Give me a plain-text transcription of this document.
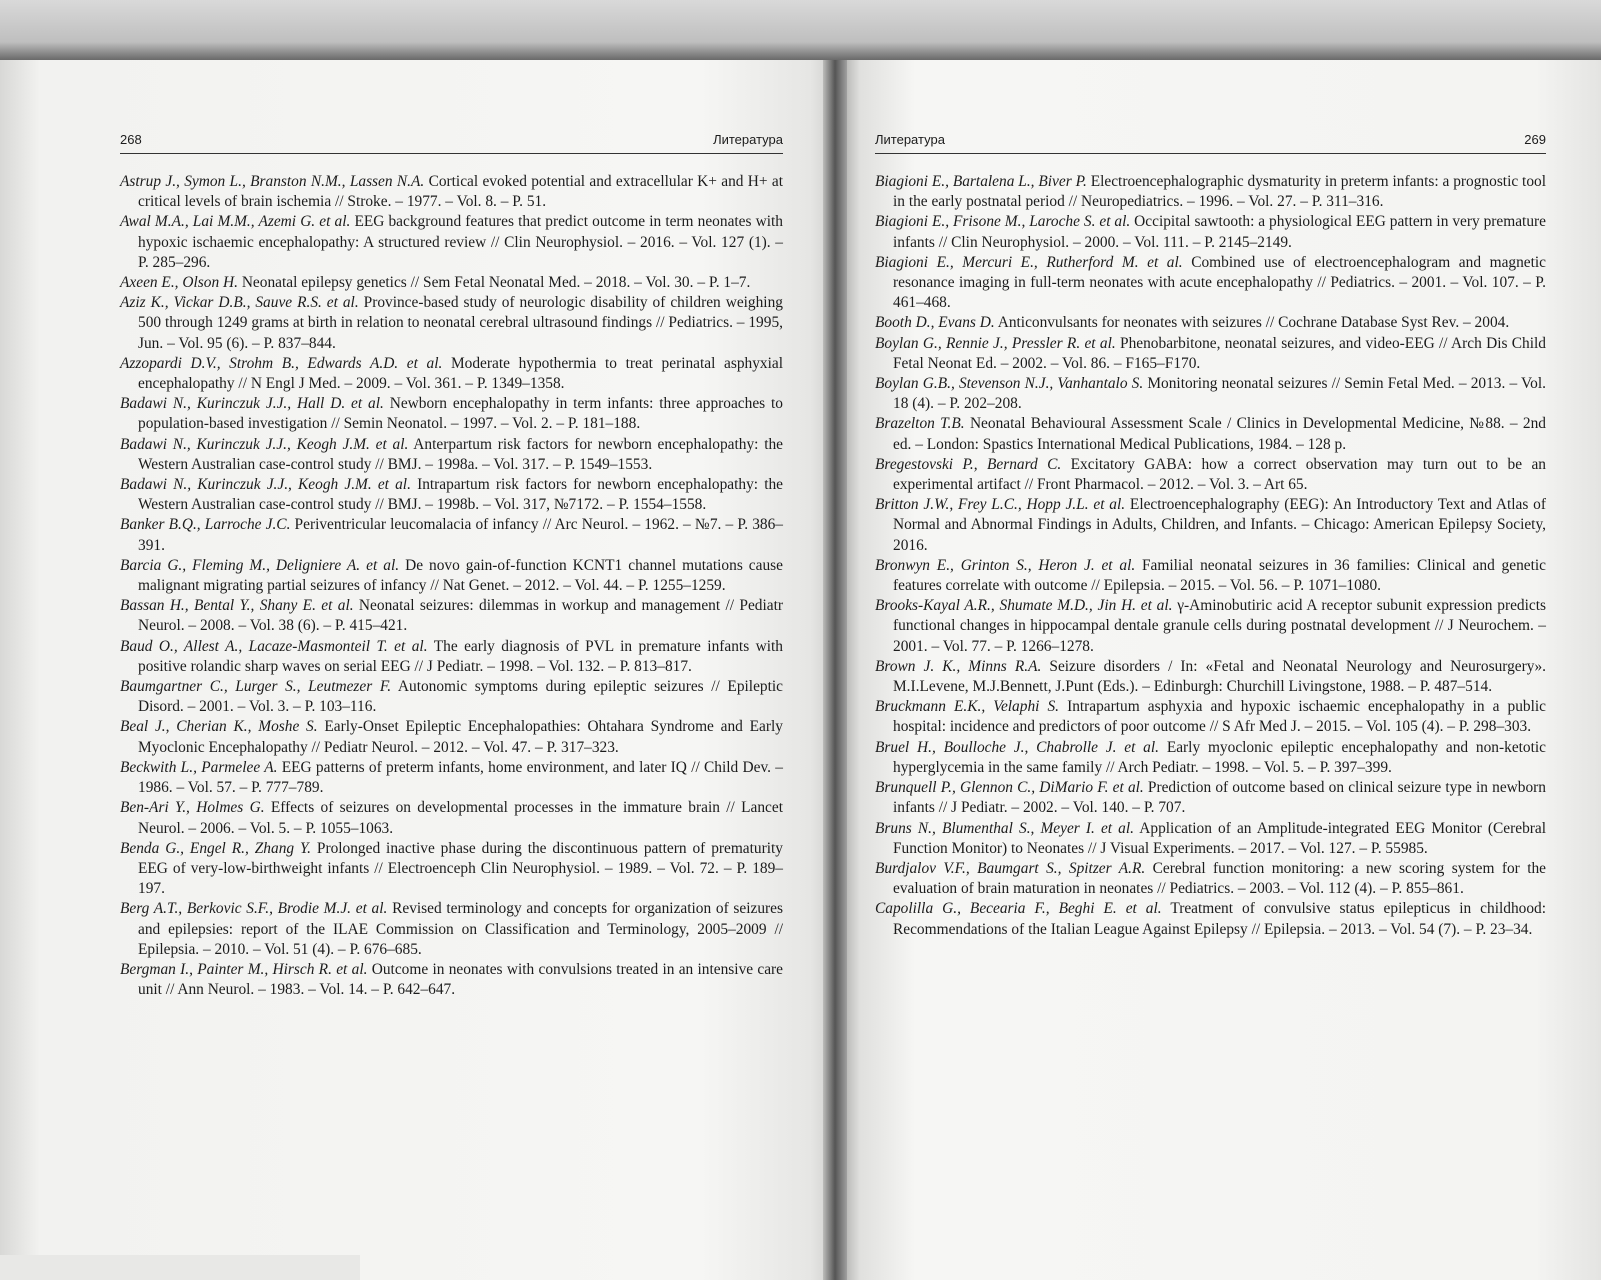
268	Литература
Astrup J., Symon L., Branston N.M., Lassen N.A. Cortical evoked potential and extracellular K+ and H+ at critical levels of brain ischemia // Stroke. – 1977. – Vol. 8. – P. 51.
Awal M.A., Lai M.M., Azemi G. et al. EEG background features that predict outcome in term neonates with hypoxic ischaemic encephalopathy: A structured review // Clin Neurophysiol. – 2016. – Vol. 127 (1). – P. 285–296.
Axeen E., Olson H. Neonatal epilepsy genetics // Sem Fetal Neonatal Med. – 2018. – Vol. 30. – P. 1–7.
Aziz K., Vickar D.B., Sauve R.S. et al. Province-based study of neurologic disability of children weighing 500 through 1249 grams at birth in relation to neonatal cerebral ultrasound findings // Pediatrics. – 1995, Jun. – Vol. 95 (6). – P. 837–844.
Azzopardi D.V., Strohm B., Edwards A.D. et al. Moderate hypothermia to treat perinatal asphyxial encephalopathy // N Engl J Med. – 2009. – Vol. 361. – P. 1349–1358.
Badawi N., Kurinczuk J.J., Hall D. et al. Newborn encephalopathy in term infants: three approaches to population-based investigation // Semin Neonatol. – 1997. – Vol. 2. – P. 181–188.
Badawi N., Kurinczuk J.J., Keogh J.M. et al. Anterpartum risk factors for newborn encephalopathy: the Western Australian case-control study // BMJ. – 1998a. – Vol. 317. – P. 1549–1553.
Badawi N., Kurinczuk J.J., Keogh J.M. et al. Intrapartum risk factors for newborn encephalopathy: the Western Australian case-control study // BMJ. – 1998b. – Vol. 317, №7172. – P. 1554–1558.
Banker B.Q., Larroche J.C. Periventricular leucomalacia of infancy // Arc Neurol. – 1962. – №7. – P. 386–391.
Barcia G., Fleming M., Deligniere A. et al. De novo gain-of-function KCNT1 channel mutations cause malignant migrating partial seizures of infancy // Nat Genet. – 2012. – Vol. 44. – P. 1255–1259.
Bassan H., Bental Y., Shany E. et al. Neonatal seizures: dilemmas in workup and management // Pediatr Neurol. – 2008. – Vol. 38 (6). – P. 415–421.
Baud O., Allest A., Lacaze-Masmonteil T. et al. The early diagnosis of PVL in premature infants with positive rolandic sharp waves on serial EEG // J Pediatr. – 1998. – Vol. 132. – P. 813–817.
Baumgartner C., Lurger S., Leutmezer F. Autonomic symptoms during epileptic seizures // Epileptic Disord. – 2001. – Vol. 3. – P. 103–116.
Beal J., Cherian K., Moshe S. Early-Onset Epileptic Encephalopathies: Ohtahara Syndrome and Early Myoclonic Encephalopathy // Pediatr Neurol. – 2012. – Vol. 47. – P. 317–323.
Beckwith L., Parmelee A. EEG patterns of preterm infants, home environment, and later IQ // Child Dev. – 1986. – Vol. 57. – P. 777–789.
Ben-Ari Y., Holmes G. Effects of seizures on developmental processes in the immature brain // Lancet Neurol. – 2006. – Vol. 5. – P. 1055–1063.
Benda G., Engel R., Zhang Y. Prolonged inactive phase during the discontinuous pattern of prematurity EEG of very-low-birthweight infants // Electroenceph Clin Neurophysiol. – 1989. – Vol. 72. – P. 189–197.
Berg A.T., Berkovic S.F., Brodie M.J. et al. Revised terminology and concepts for organization of seizures and epilepsies: report of the ILAE Commission on Classification and Terminology, 2005–2009 // Epilepsia. – 2010. – Vol. 51 (4). – P. 676–685.
Bergman I., Painter M., Hirsch R. et al. Outcome in neonates with convulsions treated in an intensive care unit // Ann Neurol. – 1983. – Vol. 14. – P. 642–647.
Литература	269
Biagioni E., Bartalena L., Biver P. Electroencephalographic dysmaturity in preterm infants: a prognostic tool in the early postnatal period // Neuropediatrics. – 1996. – Vol. 27. – P. 311–316.
Biagioni E., Frisone M., Laroche S. et al. Occipital sawtooth: a physiological EEG pattern in very premature infants // Clin Neurophysiol. – 2000. – Vol. 111. – P. 2145–2149.
Biagioni E., Mercuri E., Rutherford M. et al. Combined use of electroencephalogram and magnetic resonance imaging in full-term neonates with acute encephalopathy // Pediatrics. – 2001. – Vol. 107. – P. 461–468.
Booth D., Evans D. Anticonvulsants for neonates with seizures // Cochrane Database Syst Rev. – 2004.
Boylan G., Rennie J., Pressler R. et al. Phenobarbitone, neonatal seizures, and video-EEG // Arch Dis Child Fetal Neonat Ed. – 2002. – Vol. 86. – F165–F170.
Boylan G.B., Stevenson N.J., Vanhantalo S. Monitoring neonatal seizures // Semin Fetal Med. – 2013. – Vol. 18 (4). – P. 202–208.
Brazelton T.B. Neonatal Behavioural Assessment Scale / Clinics in Developmental Medicine, №88. – 2nd ed. – London: Spastics International Medical Publications, 1984. – 128 p.
Bregestovski P., Bernard C. Excitatory GABA: how a correct observation may turn out to be an experimental artifact // Front Pharmacol. – 2012. – Vol. 3. – Art 65.
Britton J.W., Frey L.C., Hopp J.L. et al. Electroencephalography (EEG): An Introductory Text and Atlas of Normal and Abnormal Findings in Adults, Children, and Infants. – Chicago: American Epilepsy Society, 2016.
Bronwyn E., Grinton S., Heron J. et al. Familial neonatal seizures in 36 families: Clinical and genetic features correlate with outcome // Epilepsia. – 2015. – Vol. 56. – P. 1071–1080.
Brooks-Kayal A.R., Shumate M.D., Jin H. et al. γ-Aminobutiric acid A receptor subunit expression predicts functional changes in hippocampal dentale granule cells during postnatal development // J Neurochem. – 2001. – Vol. 77. – P. 1266–1278.
Brown J. K., Minns R.A. Seizure disorders / In: «Fetal and Neonatal Neurology and Neurosurgery». M.I.Levene, M.J.Bennett, J.Punt (Eds.). – Edinburgh: Churchill Livingstone, 1988. – P. 487–514.
Bruckmann E.K., Velaphi S. Intrapartum asphyxia and hypoxic ischaemic encephalopathy in a public hospital: incidence and predictors of poor outcome // S Afr Med J. – 2015. – Vol. 105 (4). – P. 298–303.
Bruel H., Boulloche J., Chabrolle J. et al. Early myoclonic epileptic encephalopathy and non-ketotic hyperglycemia in the same family // Arch Pediatr. – 1998. – Vol. 5. – P. 397–399.
Brunquell P., Glennon C., DiMario F. et al. Prediction of outcome based on clinical seizure type in newborn infants // J Pediatr. – 2002. – Vol. 140. – P. 707.
Bruns N., Blumenthal S., Meyer I. et al. Application of an Amplitude-integrated EEG Monitor (Cerebral Function Monitor) to Neonates // J Visual Experiments. – 2017. – Vol. 127. – P. 55985.
Burdjalov V.F., Baumgart S., Spitzer A.R. Cerebral function monitoring: a new scoring system for the evaluation of brain maturation in neonates // Pediatrics. – 2003. – Vol. 112 (4). – P. 855–861.
Capolilla G., Becearia F., Beghi E. et al. Treatment of convulsive status epilepticus in childhood: Recommendations of the Italian League Against Epilepsy // Epilepsia. – 2013. – Vol. 54 (7). – P. 23–34.
